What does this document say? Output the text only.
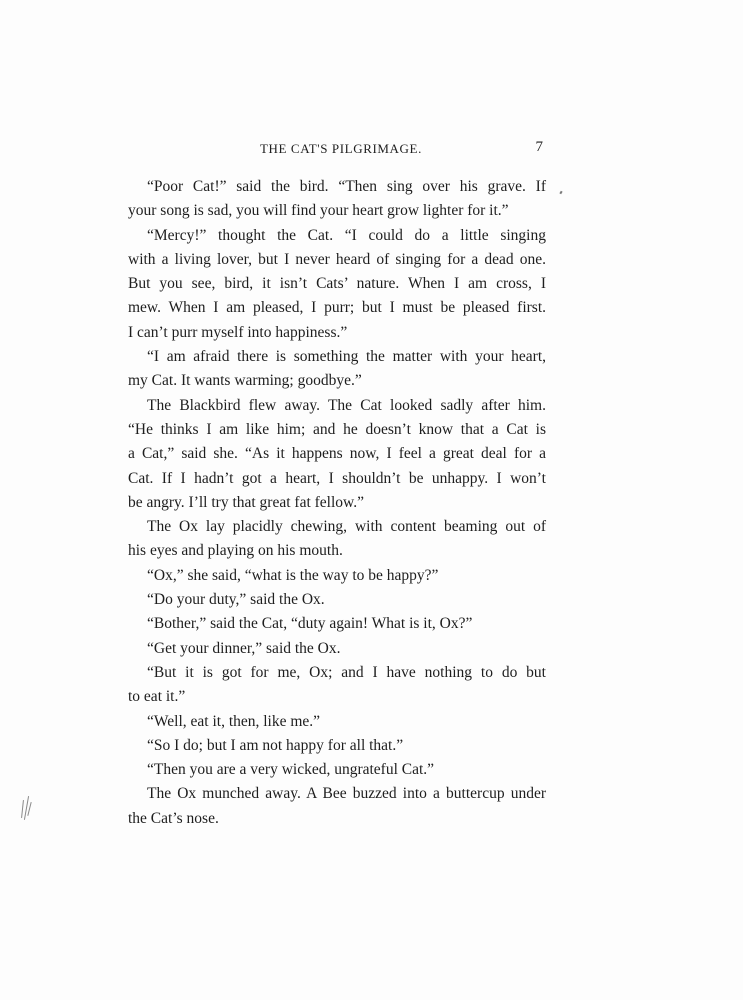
THE CAT'S PILGRIMAGE.	7
“Poor Cat!” said the bird. “Then sing over his grave. If
your song is sad, you will find your heart grow lighter for it.”
“Mercy!” thought the Cat. “I could do a little singing
with a living lover, but I never heard of singing for a dead one.
But you see, bird, it isn’t Cats’ nature. When I am cross, I
mew. When I am pleased, I purr; but I must be pleased first.
I can’t purr myself into happiness.”
“I am afraid there is something the matter with your heart,
my Cat. It wants warming; goodbye.”
The Blackbird flew away. The Cat looked sadly after him.
“He thinks I am like him; and he doesn’t know that a Cat is
a Cat,” said she. “As it happens now, I feel a great deal for a
Cat. If I hadn’t got a heart, I shouldn’t be unhappy. I won’t
be angry. I’ll try that great fat fellow.”
The Ox lay placidly chewing, with content beaming out of
his eyes and playing on his mouth.
“Ox,” she said, “what is the way to be happy?”
“Do your duty,” said the Ox.
“Bother,” said the Cat, “duty again! What is it, Ox?”
“Get your dinner,” said the Ox.
“But it is got for me, Ox; and I have nothing to do but
to eat it.”
“Well, eat it, then, like me.”
“So I do; but I am not happy for all that.”
“Then you are a very wicked, ungrateful Cat.”
The Ox munched away. A Bee buzzed into a buttercup under
the Cat’s nose.
